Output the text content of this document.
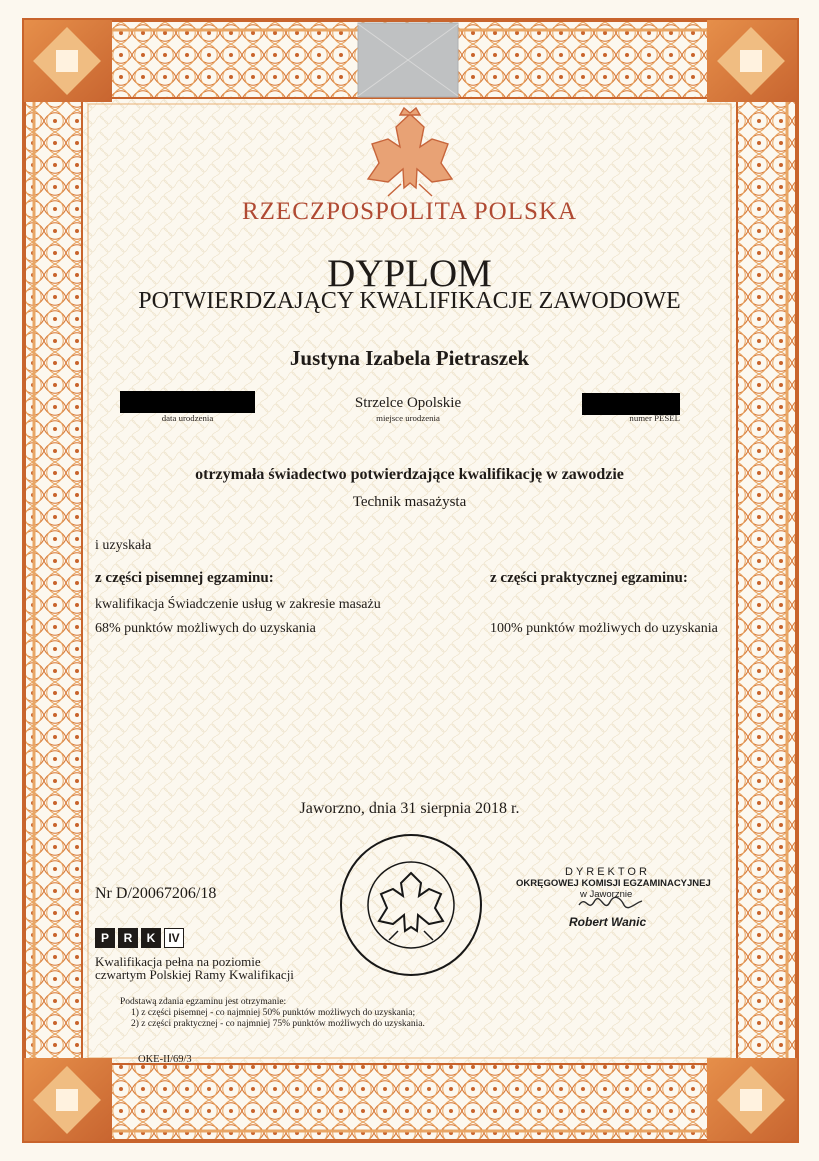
RZECZPOSPOLITA POLSKA
DYPLOM
POTWIERDZAJĄCY KWALIFIKACJE ZAWODOWE
Justyna Izabela Pietraszek
data urodzenia
Strzelce Opolskie
miejsce urodzenia	numer PESEL
otrzymała świadectwo potwierdzające kwalifikację w zawodzie
Technik masażysta
i uzyskała
z części pisemnej egzaminu:
kwalifikacja Świadczenie usług w zakresie masażu
68% punktów możliwych do uzyskania
z części praktycznej egzaminu:
100% punktów możliwych do uzyskania
Jaworzno, dnia 31 sierpnia 2018 r.
Nr D/20067206/18
P	R	K	IV
Kwalifikacja pełna na poziomie
czwartym Polskiej Ramy Kwalifikacji
Podstawą zdania egzaminu jest otrzymanie:
1) z części pisemnej - co najmniej 50% punktów możliwych do uzyskania;
2) z części praktycznej - co najmniej 75% punktów możliwych do uzyskania.
OKE-II/69/3
DYREKTOR
OKRĘGOWEJ KOMISJI EGZAMINACYJNEJ
w Jaworznie
Robert Wanic
